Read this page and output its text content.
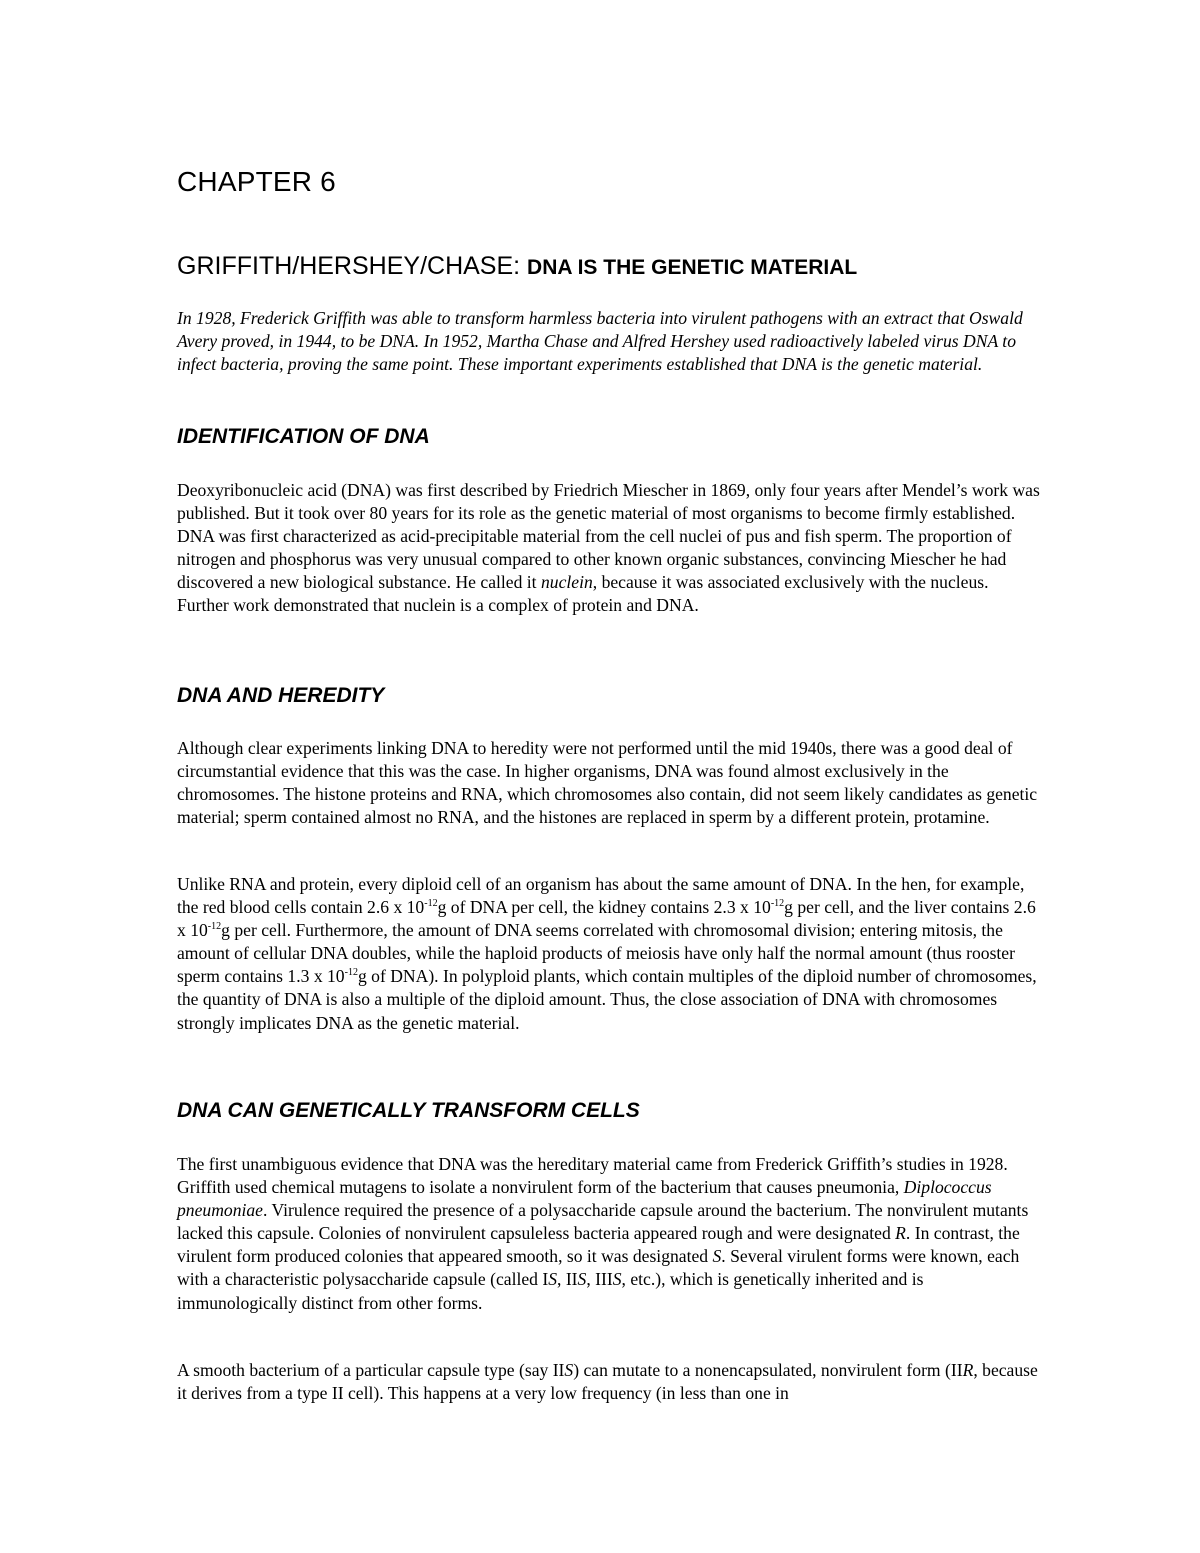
CHAPTER 6
GRIFFITH/HERSHEY/CHASE: DNA IS THE GENETIC MATERIAL

In 1928, Frederick Griffith was able to transform harmless bacteria into virulent pathogens with an extract that Oswald Avery proved, in 1944, to be DNA. In 1952, Martha Chase and Alfred Hershey used radioactively labeled virus DNA to infect bacteria, proving the same point. These important experiments established that DNA is the genetic material.

IDENTIFICATION OF DNA

Deoxyribonucleic acid (DNA) was first described by Friedrich Miescher in 1869, only four years after Mendel’s work was published. But it took over 80 years for its role as the genetic material of most organisms to become firmly established. DNA was first characterized as acid-precipitable material from the cell nuclei of pus and fish sperm. The proportion of nitrogen and phosphorus was very unusual compared to other known organic substances, convincing Miescher he had discovered a new biological substance. He called it nuclein, because it was associated exclusively with the nucleus. Further work demonstrated that nuclein is a complex of protein and DNA.

DNA AND HEREDITY

Although clear experiments linking DNA to heredity were not performed until the mid 1940s, there was a good deal of circumstantial evidence that this was the case. In higher organisms, DNA was found almost exclusively in the chromosomes. The histone proteins and RNA, which chromosomes also contain, did not seem likely candidates as genetic material; sperm contained almost no RNA, and the histones are replaced in sperm by a different protein, protamine.

Unlike RNA and protein, every diploid cell of an organism has about the same amount of DNA. In the hen, for example, the red blood cells contain 2.6 x $10^{-12}g$ of DNA per cell, the kidney contains 2.3 x $10^{-12}g$ per cell, and the liver contains 2.6 x $10^{-12}g$ per cell. Furthermore, the amount of DNA seems correlated with chromosomal division; entering mitosis, the amount of cellular DNA doubles, while the haploid products of meiosis have only half the normal amount (thus rooster sperm contains 1.3 x $10^{-12}g$ of DNA). In polyploid plants, which contain multiples of the diploid number of chromosomes, the quantity of DNA is also a multiple of the diploid amount. Thus, the close association of DNA with chromosomes strongly implicates DNA as the genetic material.

DNA CAN GENETICALLY TRANSFORM CELLS

The first unambiguous evidence that DNA was the hereditary material came from Frederick Griffith’s studies in 1928. Griffith used chemical mutagens to isolate a nonvirulent form of the bacterium that causes pneumonia, Diplococcus pneumoniae. Virulence required the presence of a polysaccharide capsule around the bacterium. The nonvirulent mutants lacked this capsule. Colonies of nonvirulent capsuleless bacteria appeared rough and were designated R. In contrast, the virulent form produced colonies that appeared smooth, so it was designated S. Several virulent forms were known, each with a characteristic polysaccharide capsule (called IS, IIS, IIIS, etc.), which is genetically inherited and is immunologically distinct from other forms.

A smooth bacterium of a particular capsule type (say IIS) can mutate to a nonencapsulated, nonvirulent form (IIR, because it derives from a type II cell). This happens at a very low frequency (in less than one in
